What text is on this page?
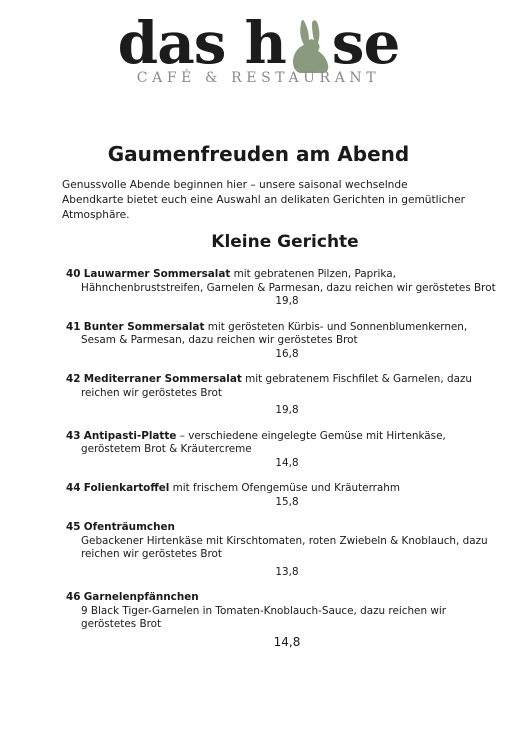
das h se
CAFÉ & RESTAURANT
Gaumenfreuden am Abend

Genussvolle Abende beginnen hier – unsere saisonal wechselnde Abendkarte bietet euch eine Auswahl an delikaten Gerichten in gemütlicher Atmosphäre.

Kleine Gerichte
40 Lauwarmer Sommersalat mit gebratenen Pilzen, Paprika, Hähnchenbruststreifen, Garnelen & Parmesan, dazu reichen wir geröstetes Brot
19,8
41 Bunter Sommersalat mit gerösteten Kürbis- und Sonnenblumenkernen, Sesam & Parmesan, dazu reichen wir geröstetes Brot
16,8
42 Mediterraner Sommersalat mit gebratenem Fischfilet & Garnelen, dazu reichen wir geröstetes Brot
19,8
43 Antipasti-Platte – verschiedene eingelegte Gemüse mit Hirtenkäse, geröstetem Brot & Kräutercreme
14,8
44 Folienkartoffel mit frischem Ofengemüse und Kräuterrahm
15,8
45 Ofenträumchen
Gebackener Hirtenkäse mit Kirschtomaten, roten Zwiebeln & Knoblauch, dazu reichen wir geröstetes Brot
13,8
46 Garnelenpfännchen
9 Black Tiger-Garnelen in Tomaten-Knoblauch-Sauce, dazu reichen wir geröstetes Brot
14,8
